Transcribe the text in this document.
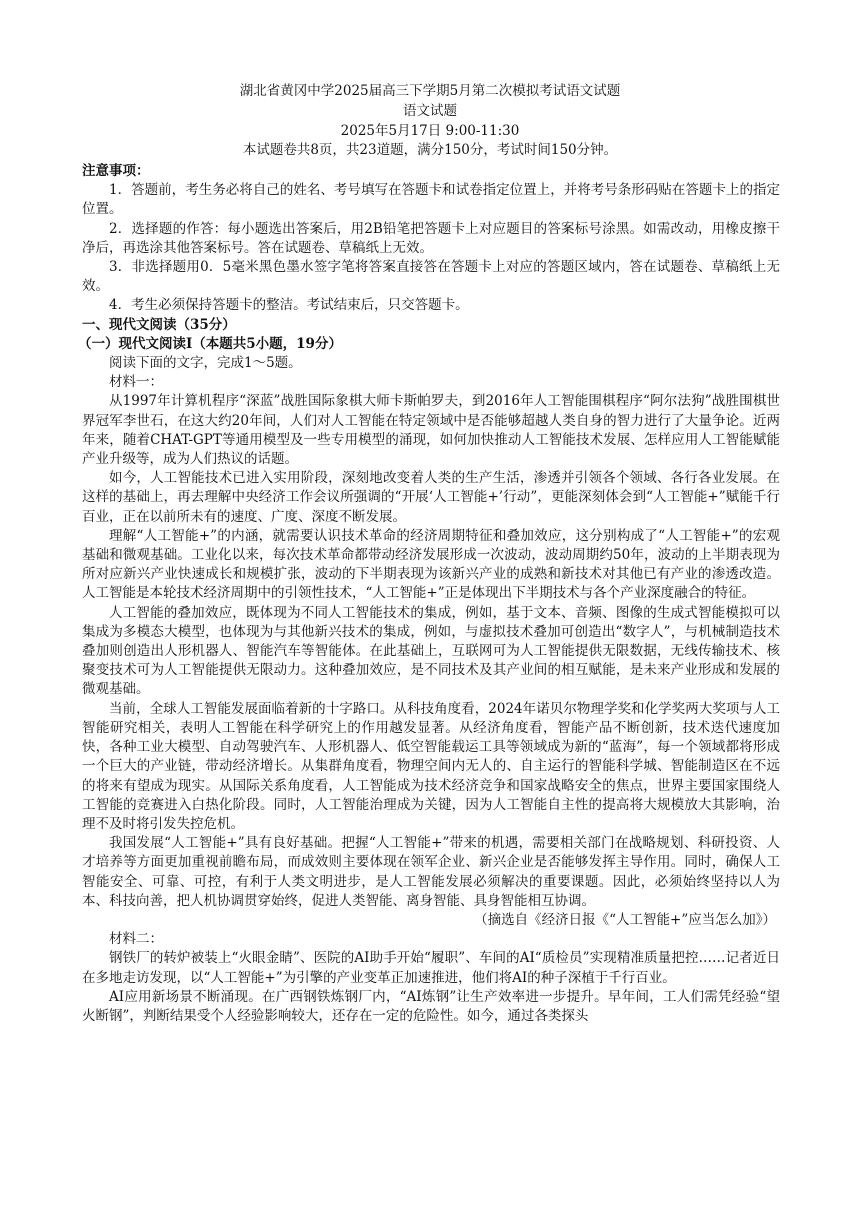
湖北省黄冈中学2025届高三下学期5月第二次模拟考试语文试题
语文试题
2025年5月17日 9:00-11:30
本试题卷共8页，共23道题，满分150分，考试时间150分钟。

注意事项：

1．答题前，考生务必将自己的姓名、考号填写在答题卡和试卷指定位置上，并将考号条形码贴在答题卡上的指定位置。

2．选择题的作答：每小题选出答案后，用2B铅笔把答题卡上对应题目的答案标号涂黑。如需改动，用橡皮擦干净后，再选涂其他答案标号。答在试题卷、草稿纸上无效。

3．非选择题用0．5毫米黑色墨水签字笔将答案直接答在答题卡上对应的答题区域内，答在试题卷、草稿纸上无效。

4．考生必须保持答题卡的整洁。考试结束后，只交答题卡。

一、现代文阅读（35分）

（一）现代文阅读Ⅰ（本题共5小题，19分）

阅读下面的文字，完成1～5题。

材料一：

从1997年计算机程序“深蓝”战胜国际象棋大师卡斯帕罗夫，到2016年人工智能围棋程序“阿尔法狗”战胜围棋世界冠军李世石，在这大约20年间，人们对人工智能在特定领域中是否能够超越人类自身的智力进行了大量争论。近两年来，随着CHAT-GPT等通用模型及一些专用模型的涌现，如何加快推动人工智能技术发展、怎样应用人工智能赋能产业升级等，成为人们热议的话题。

如今，人工智能技术已进入实用阶段，深刻地改变着人类的生产生活，渗透并引领各个领域、各行各业发展。在这样的基础上，再去理解中央经济工作会议所强调的“开展‘人工智能+’行动”，更能深刻体会到“人工智能+”赋能千行百业，正在以前所未有的速度、广度、深度不断发展。

理解“人工智能+”的内涵，就需要认识技术革命的经济周期特征和叠加效应，这分别构成了“人工智能+”的宏观基础和微观基础。工业化以来，每次技术革命都带动经济发展形成一次波动，波动周期约50年，波动的上半期表现为所对应新兴产业快速成长和规模扩张，波动的下半期表现为该新兴产业的成熟和新技术对其他已有产业的渗透改造。人工智能是本轮技术经济周期中的引领性技术，“人工智能+”正是体现出下半期技术与各个产业深度融合的特征。

人工智能的叠加效应，既体现为不同人工智能技术的集成，例如，基于文本、音频、图像的生成式智能模拟可以集成为多模态大模型，也体现为与其他新兴技术的集成，例如，与虚拟技术叠加可创造出“数字人”，与机械制造技术叠加则创造出人形机器人、智能汽车等智能体。在此基础上，互联网可为人工智能提供无限数据，无线传输技术、核聚变技术可为人工智能提供无限动力。这种叠加效应，是不同技术及其产业间的相互赋能，是未来产业形成和发展的微观基础。

当前，全球人工智能发展面临着新的十字路口。从科技角度看，2024年诺贝尔物理学奖和化学奖两大奖项与人工智能研究相关，表明人工智能在科学研究上的作用越发显著。从经济角度看，智能产品不断创新，技术迭代速度加快，各种工业大模型、自动驾驶汽车、人形机器人、低空智能载运工具等领域成为新的“蓝海”，每一个领域都将形成一个巨大的产业链，带动经济增长。从集群角度看，物理空间内无人的、自主运行的智能科学城、智能制造区在不远的将来有望成为现实。从国际关系角度看，人工智能成为技术经济竞争和国家战略安全的焦点，世界主要国家围绕人工智能的竞赛进入白热化阶段。同时，人工智能治理成为关键，因为人工智能自主性的提高将大规模放大其影响，治理不及时将引发失控危机。

我国发展“人工智能+”具有良好基础。把握“人工智能+”带来的机遇，需要相关部门在战略规划、科研投资、人才培养等方面更加重视前瞻布局，而成效则主要体现在领军企业、新兴企业是否能够发挥主导作用。同时，确保人工智能安全、可靠、可控，有利于人类文明进步，是人工智能发展必须解决的重要课题。因此，必须始终坚持以人为本、科技向善，把人机协调贯穿始终，促进人类智能、离身智能、具身智能相互协调。

（摘选自《经济日报《“人工智能+”应当怎么加》）

材料二：

钢铁厂的转炉被装上“火眼金睛”、医院的AI助手开始“履职”、车间的AI“质检员”实现精准质量把控……记者近日在多地走访发现，以“人工智能+”为引擎的产业变革正加速推进，他们将AI的种子深植于千行百业。

AI应用新场景不断涌现。在广西钢铁炼钢厂内，“AI炼钢”让生产效率进一步提升。早年间，工人们需凭经验“望火断钢”，判断结果受个人经验影响较大，还存在一定的危险性。如今，通过各类探头
